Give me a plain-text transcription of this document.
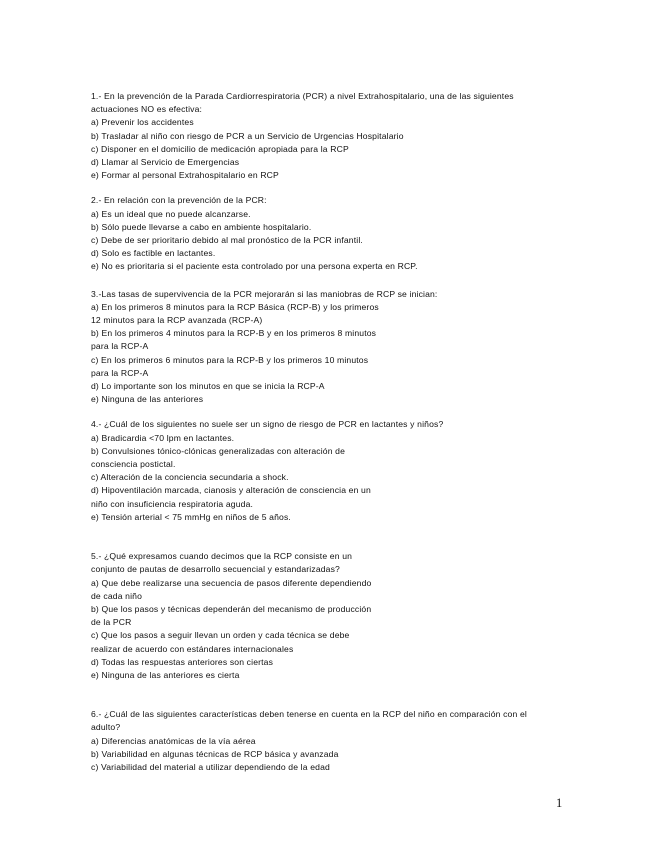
1.- En la prevención de la Parada Cardiorrespiratoria (PCR) a nivel Extrahospitalario, una de las siguientes
actuaciones NO es efectiva:
a) Prevenir los accidentes
b) Trasladar al niño con riesgo de PCR a un Servicio de Urgencias Hospitalario
c) Disponer en el domicilio de medicación apropiada para la RCP
d) Llamar al Servicio de Emergencias
e) Formar al personal Extrahospitalario en RCP
2.- En relación con la prevención de la PCR:
a) Es un ideal que no puede alcanzarse.
b) Sólo puede llevarse a cabo en ambiente hospitalario.
c) Debe de ser prioritario debido al mal pronóstico de la PCR infantil.
d) Solo es factible en lactantes.
e) No es prioritaria si el paciente esta controlado por una persona experta en RCP.
3.-Las tasas de supervivencia de la PCR mejorarán si las maniobras de RCP se inician:
a) En los primeros 8 minutos para la RCP Básica (RCP-B) y los primeros
12 minutos para la RCP avanzada (RCP-A)
b) En los primeros 4 minutos para la RCP-B y en los primeros 8 minutos
para la RCP-A
c) En los primeros 6 minutos para la RCP-B y los primeros 10 minutos
para la RCP-A
d) Lo importante son los minutos en que se inicia la RCP-A
e) Ninguna de las anteriores
4.- ¿Cuál de los siguientes no suele ser un signo de riesgo de PCR en lactantes y niños?
a) Bradicardia <70 lpm en lactantes.
b) Convulsiones tónico-clónicas generalizadas con alteración de
consciencia postictal.
c) Alteración de la conciencia secundaria a shock.
d) Hipoventilación marcada, cianosis y alteración de consciencia en un
niño con insuficiencia respiratoria aguda.
e) Tensión arterial < 75 mmHg en niños de 5 años.
5.- ¿Qué expresamos cuando decimos que la RCP consiste en un
conjunto de pautas de desarrollo secuencial y estandarizadas?
a) Que debe realizarse una secuencia de pasos diferente dependiendo
de cada niño
b) Que los pasos y técnicas dependerán del mecanismo de producción
de la PCR
c) Que los pasos a seguir llevan un orden y cada técnica se debe
realizar de acuerdo con estándares internacionales
d) Todas las respuestas anteriores son ciertas
e) Ninguna de las anteriores es cierta
6.- ¿Cuál de las siguientes características deben tenerse en cuenta en la RCP del niño en comparación con el
adulto?
a) Diferencias anatómicas de la vía aérea
b) Variabilidad en algunas técnicas de RCP básica y avanzada
c) Variabilidad del material a utilizar dependiendo de la edad
1
